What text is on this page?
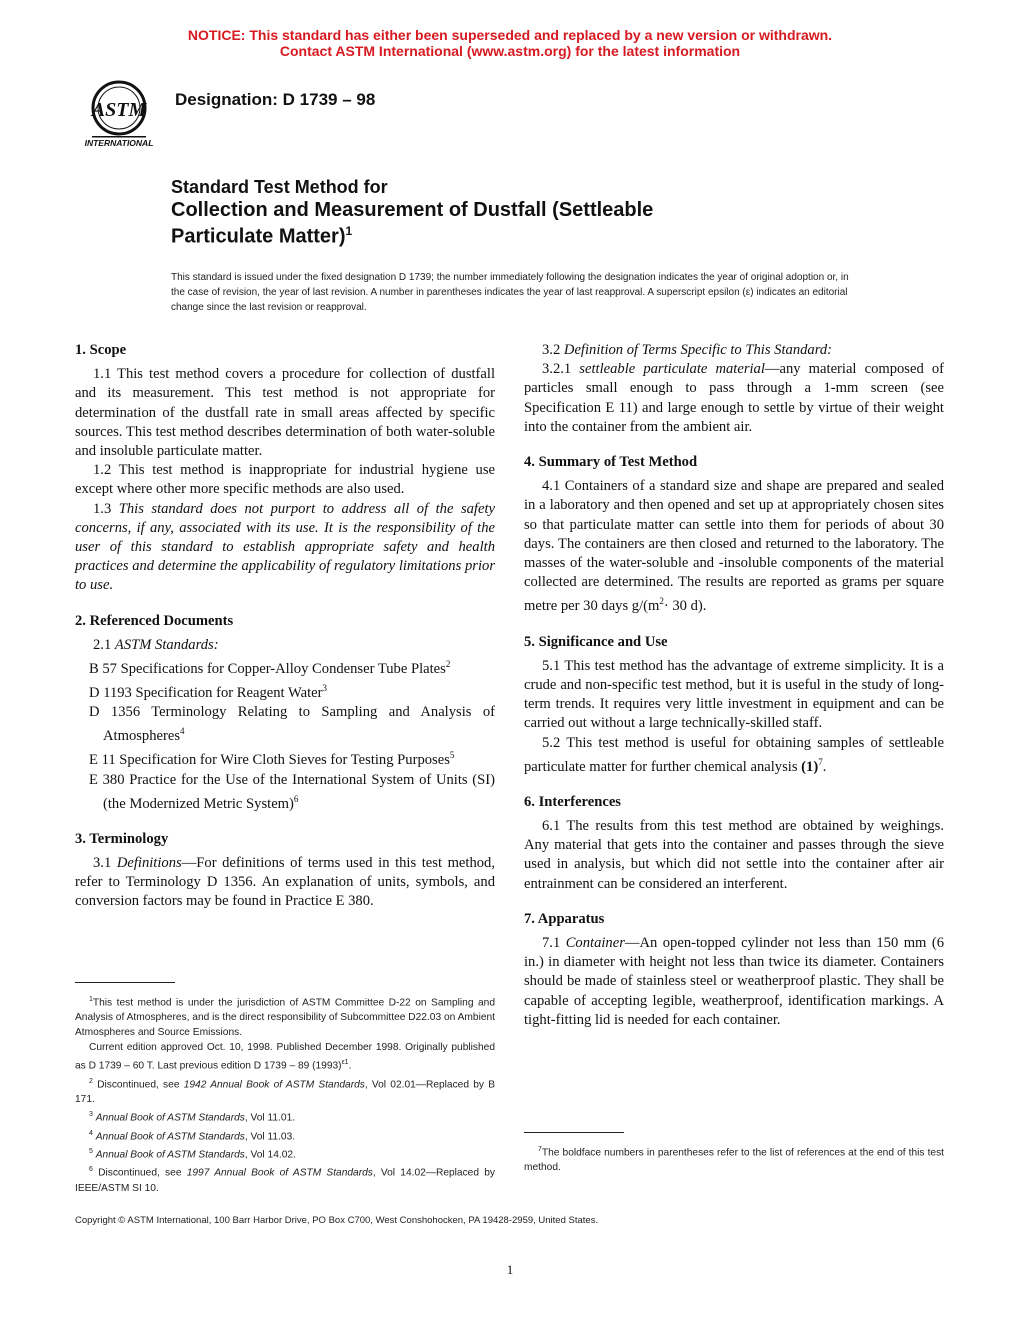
NOTICE: This standard has either been superseded and replaced by a new version or withdrawn.
Contact ASTM International (www.astm.org) for the latest information
ASTM
INTERNATIONAL
Designation: D 1739 – 98
Standard Test Method for
Collection and Measurement of Dustfall (Settleable
Particulate Matter)$^1$
This standard is issued under the fixed designation D 1739; the number immediately following the designation indicates the year of original adoption or, in the case of revision, the year of last revision. A number in parentheses indicates the year of last reapproval. A superscript epsilon (ε) indicates an editorial change since the last revision or reapproval.
1. Scope

1.1 This test method covers a procedure for collection of dustfall and its measurement. This test method is not appropriate for determination of the dustfall rate in small areas affected by specific sources. This test method describes determination of both water-soluble and insoluble particulate matter.

1.2 This test method is inappropriate for industrial hygiene use except where other more specific methods are also used.

1.3 This standard does not purport to address all of the safety concerns, if any, associated with its use. It is the responsibility of the user of this standard to establish appropriate safety and health practices and determine the applicability of regulatory limitations prior to use.

2. Referenced Documents

2.1 ASTM Standards:

B 57 Specifications for Copper-Alloy Condenser Tube Plates$^2$

D 1193 Specification for Reagent Water$^3$

D 1356 Terminology Relating to Sampling and Analysis of Atmospheres$^4$

E 11 Specification for Wire Cloth Sieves for Testing Purposes$^5$

E 380 Practice for the Use of the International System of Units (SI) (the Modernized Metric System)$^6$

3. Terminology

3.1 Definitions—For definitions of terms used in this test method, refer to Terminology D 1356. An explanation of units, symbols, and conversion factors may be found in Practice E 380.

3.2 Definition of Terms Specific to This Standard:

3.2.1 settleable particulate material—any material composed of particles small enough to pass through a 1-mm screen (see Specification E 11) and large enough to settle by virtue of their weight into the container from the ambient air.

4. Summary of Test Method

4.1 Containers of a standard size and shape are prepared and sealed in a laboratory and then opened and set up at appropriately chosen sites so that particulate matter can settle into them for periods of about 30 days. The containers are then closed and returned to the laboratory. The masses of the water-soluble and -insoluble components of the material collected are determined. The results are reported as grams per square metre per 30 days $g/(m^2\cdot 30$ d).

5. Significance and Use

5.1 This test method has the advantage of extreme simplicity. It is a crude and non-specific test method, but it is useful in the study of long-term trends. It requires very little investment in equipment and can be carried out without a large technically-skilled staff.

5.2 This test method is useful for obtaining samples of settleable particulate matter for further chemical analysis $(1)^7$.

6. Interferences

6.1 The results from this test method are obtained by weighings. Any material that gets into the container and passes through the sieve used in analysis, but which did not settle into the container after air entrainment can be considered an interferent.

7. Apparatus

7.1 Container—An open-topped cylinder not less than 150 mm (6 in.) in diameter with height not less than twice its diameter. Containers should be made of stainless steel or weatherproof plastic. They shall be capable of accepting legible, weatherproof, identification markings. A tight-fitting lid is needed for each container.

$^1$This test method is under the jurisdiction of ASTM Committee D-22 on Sampling and Analysis of Atmospheres, and is the direct responsibility of Subcommittee D22.03 on Ambient Atmospheres and Source Emissions.

Current edition approved Oct. 10, 1998. Published December 1998. Originally published as D 1739 – 60 T. Last previous edition D 1739 – 89 $(1993)^{\varepsilon 1}$.

$^2$ Discontinued, see 1942 Annual Book of ASTM Standards, Vol 02.01—Replaced by B 171.

$^3$ Annual Book of ASTM Standards, Vol 11.01.

$^4$ Annual Book of ASTM Standards, Vol 11.03.

$^5$ Annual Book of ASTM Standards, Vol 14.02.

$^6$ Discontinued, see 1997 Annual Book of ASTM Standards, Vol 14.02—Replaced by IEEE/ASTM SI 10.

$^7$The boldface numbers in parentheses refer to the list of references at the end of this test method.

Copyright © ASTM International, 100 Barr Harbor Drive, PO Box C700, West Conshohocken, PA 19428-2959, United States.
1
